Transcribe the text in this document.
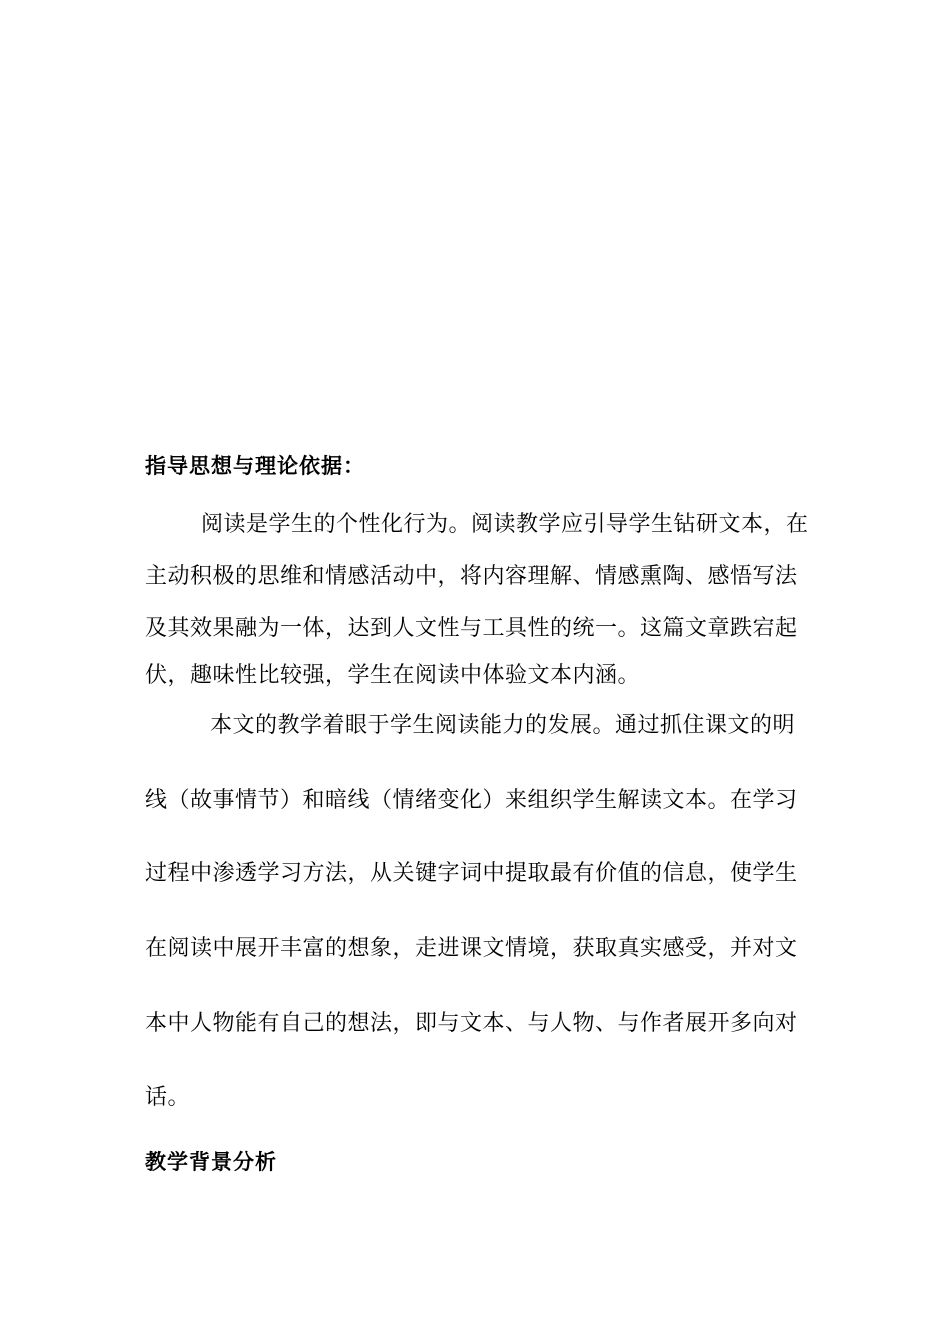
指导思想与理论依据：
阅读是学生的个性化行为。阅读教学应引导学生钻研文本，在
主动积极的思维和情感活动中，将内容理解、情感熏陶、感悟写法
及其效果融为一体，达到人文性与工具性的统一。这篇文章跌宕起
伏，趣味性比较强，学生在阅读中体验文本内涵。
本文的教学着眼于学生阅读能力的发展。通过抓住课文的明
线（故事情节）和暗线（情绪变化）来组织学生解读文本。在学习
过程中渗透学习方法，从关键字词中提取最有价值的信息，使学生
在阅读中展开丰富的想象，走进课文情境，获取真实感受，并对文
本中人物能有自己的想法，即与文本、与人物、与作者展开多向对
话。
教学背景分析
